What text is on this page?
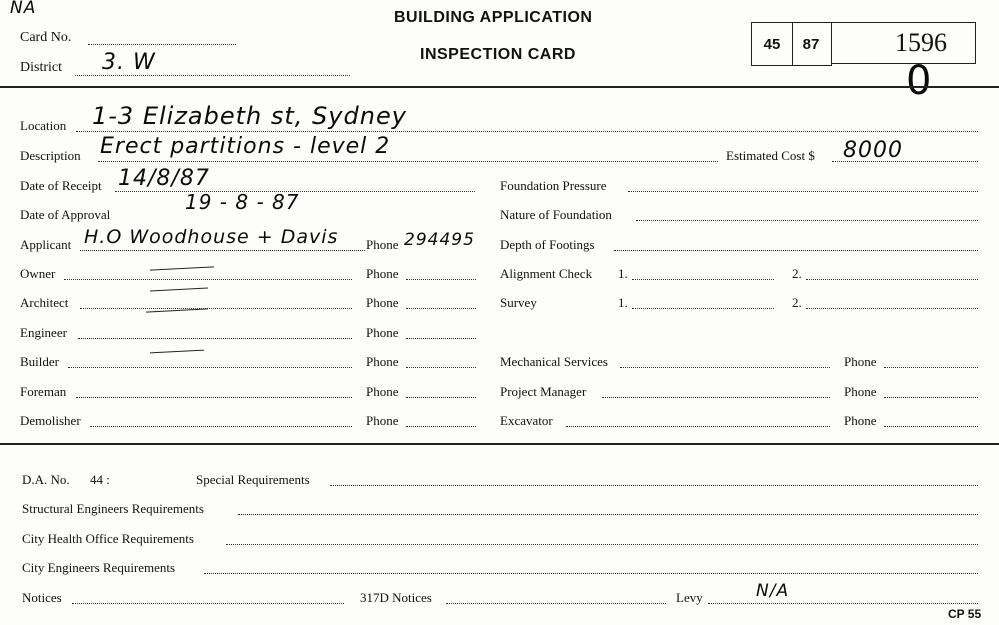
NA
Card No.
District 3. W
BUILDING APPLICATION
INSPECTION CARD
45	87	1596
0
Location 1-3 Elizabeth st, Sydney
Description Erect partitions - level 2	Estimated Cost $ 8000
Date of Receipt 14/8/87
Date of Approval
19 - 8 - 87
Applicant H.O Woodhouse + Davis Phone 294495
Owner	Phone
Architect	Phone
Engineer	Phone
Builder	Phone
Foreman	Phone
Demolisher	Phone
Foundation Pressure
Nature of Foundation
Depth of Footings
Alignment Check 1.	2.
Survey	1.	2.
Mechanical Services	Phone
Project Manager	Phone
Excavator	Phone
D.A. No. 44 :	Special Requirements
Structural Engineers Requirements
City Health Office Requirements
City Engineers Requirements
Notices	317D Notices	Levy	N/A
CP 55
